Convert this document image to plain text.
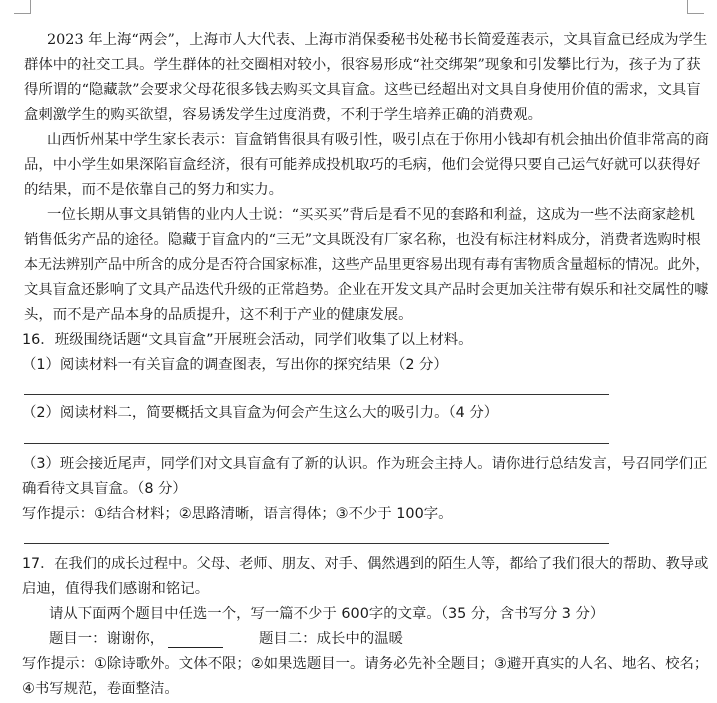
2023 年上海“两会”，上海市人大代表、上海市消保委秘书处秘书长简爱莲表示，文具盲盒已经成为学生
群体中的社交工具。学生群体的社交圈相对较小，很容易形成“社交绑架”现象和引发攀比行为，孩子为了获
得所谓的“隐藏款”会要求父母花很多钱去购买文具盲盒。这些已经超出对文具自身使用价值的需求，文具盲
盒刺激学生的购买欲望，容易诱发学生过度消费，不利于学生培养正确的消费观。
山西忻州某中学生家长表示：盲盒销售很具有吸引性，吸引点在于你用小钱却有机会抽出价值非常高的商
品，中小学生如果深陷盲盒经济，很有可能养成投机取巧的毛病，他们会觉得只要自己运气好就可以获得好
的结果，而不是依靠自己的努力和实力。
一位长期从事文具销售的业内人士说：“买买买”背后是看不见的套路和利益，这成为一些不法商家趁机
销售低劣产品的途径。隐藏于盲盒内的“三无”文具既没有厂家名称，也没有标注材料成分，消费者选购时根
本无法辨别产品中所含的成分是否符合国家标准，这些产品里更容易出现有毒有害物质含量超标的情况。此外，
文具盲盒还影响了文具产品迭代升级的正常趋势。企业在开发文具产品时会更加关注带有娱乐和社交属性的噱
头，而不是产品本身的品质提升，这不利于产业的健康发展。
16．班级围绕话题“文具盲盒”开展班会活动，同学们收集了以上材料。
（1）阅读材料一有关盲盒的调查图表，写出你的探究结果（2 分）
（2）阅读材料二，简要概括文具盲盒为何会产生这么大的吸引力。（4 分）
（3）班会接近尾声，同学们对文具盲盒有了新的认识。作为班会主持人。请你进行总结发言，号召同学们正
确看待文具盲盒。（8 分）
写作提示：①结合材料；②思路清晰，语言得体；③不少于 100字。
17．在我们的成长过程中。父母、老师、朋友、对手、偶然遇到的陌生人等，都给了我们很大的帮助、教导或
启迪，值得我们感谢和铭记。
请从下面两个题目中任选一个，写一篇不少于 600字的文章。（35 分，含书写分 3 分）
题目一：谢谢你，	题目二：成长中的温暖
写作提示：①除诗歌外。文体不限；②如果选题目一。请务必先补全题目；③避开真实的人名、地名、校名；
④书写规范，卷面整洁。
